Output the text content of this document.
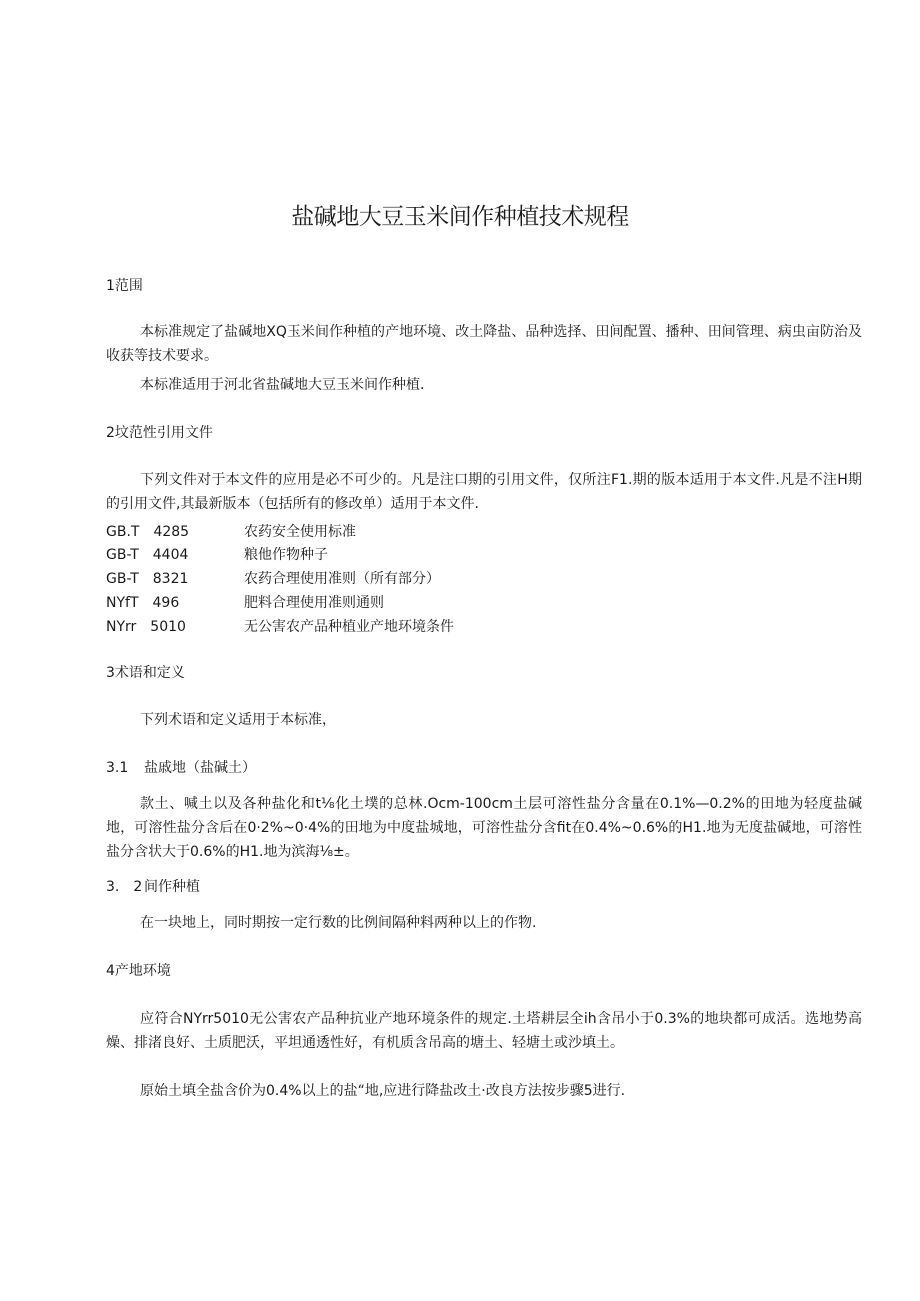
盐碱地大豆玉米间作种植技术规程
1范围
本标准规定了盐碱地XQ玉米间作种植的产地环境、改土降盐、品种选择、田间配置、播种、田间管理、病虫亩防治及收获等技术要求。
本标准适用于河北省盐碱地大豆玉米间作种植.
2坟范性引用文件
下列文件对于本文件的应用是必不可少的。凡是注口期的引用文件，仅所注F1.期的版本适用于本文件.凡是不注H期的引用文件,其最新版本（包括所有的修改单）适用于本文件.
GB.T　4285	农药安全使用标准
GB-T　4404	粮他作物种子
GB-T　8321	农药合理使用准则（所有部分）
NYfT　496	肥料合理使用准则通则
NYrr　5010	无公害农产品种植业产地环境条件
3术语和定义
下列术语和定义适用于本标准，
3.1 盐戚地（盐碱土）
款土、喊土以及各种盐化和t⅛化土墣的总林.Ocm-100cm土层可溶性盐分含量在0.1%—0.2%的田地为轻度盐碱地，可溶性盐分含后在0·2%~0·4%的田地为中度盐城地，可溶性盐分含fit在0.4%~0.6%的H1.地为无度盐碱地，可溶性盐分含状大于0.6%的H1.地为滨海⅛±。
3.　2 间作种植
在一块地上，同时期按一定行数的比例间隔种料两种以上的作物.
4产地环境
应符合NYrr5010无公害农产品种抗业产地环境条件的规定.土塔耕层全ih含吊小于0.3%的地块都可成活。选地势高燥、排渚良好、土质肥沃，平坦通透性好，有机质含吊高的塘土、轻塘土或沙填土。
原始土填全盐含价为0.4%以上的盐“地,应进行降盐改土·改良方法按步骤5进行.
